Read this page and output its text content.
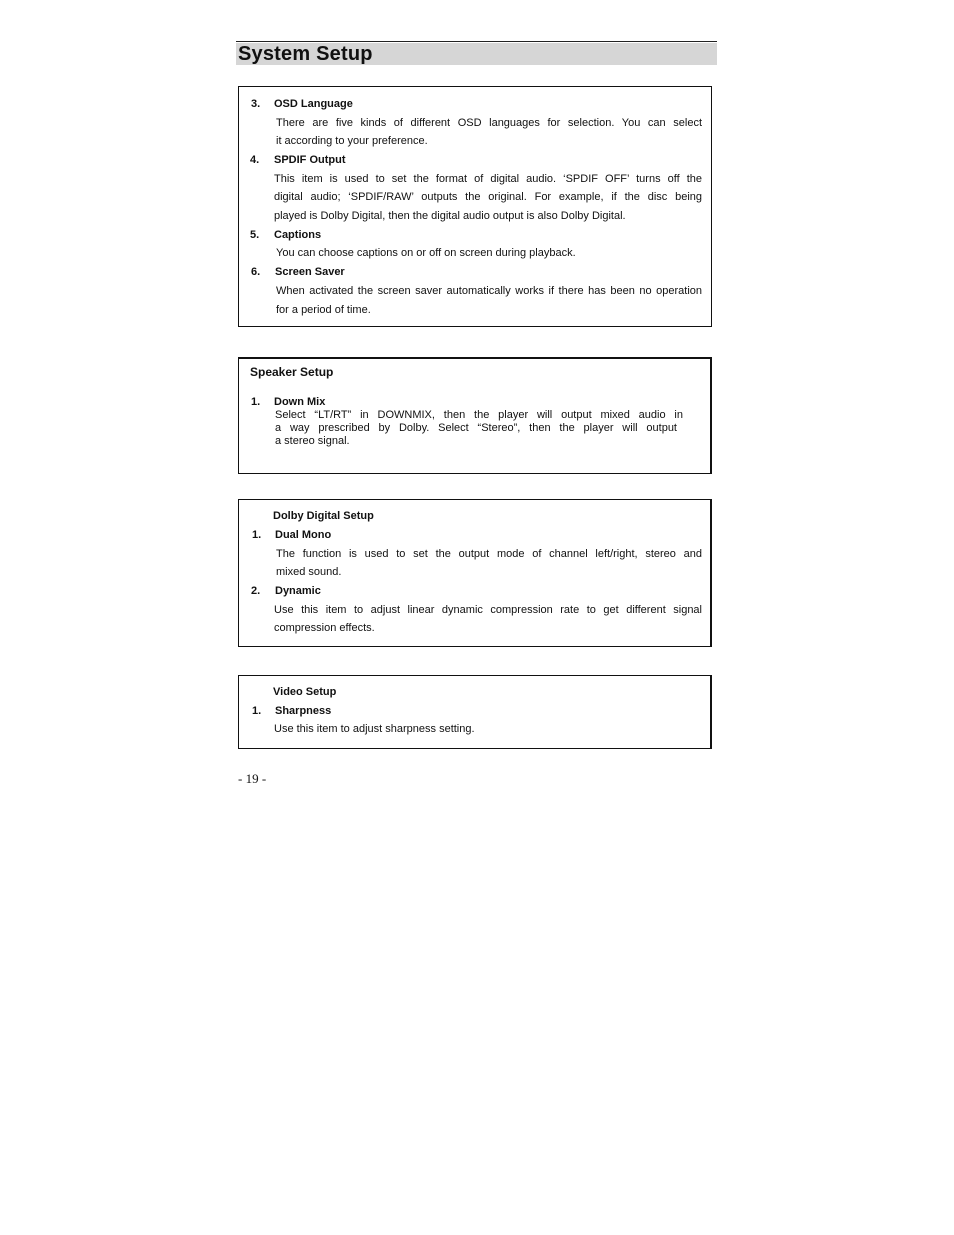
System Setup
3. OSD Language
There are five kinds of different OSD languages for selection. You can select
it according to your preference.
4. SPDIF Output
This item is used to set the format of digital audio. ‘SPDIF OFF’ turns off the
digital audio; ‘SPDIF/RAW’ outputs the original. For example, if the disc being
played is Dolby Digital, then the digital audio output is also Dolby Digital.
5. Captions
You can choose captions on or off on screen during playback.
6. Screen Saver
When activated the screen saver automatically works if there has been no operation
for a period of time.
Speaker Setup
1. Down Mix
Select “LT/RT” in DOWNMIX, then the player will output mixed audio in
a way prescribed by Dolby. Select “Stereo”, then the player will output
a stereo signal.
Dolby Digital Setup
1. Dual Mono
The function is used to set the output mode of channel left/right, stereo and
mixed sound.
2. Dynamic
Use this item to adjust linear dynamic compression rate to get different signal
compression effects.
Video Setup
1. Sharpness
Use this item to adjust sharpness setting.
- 19 -
